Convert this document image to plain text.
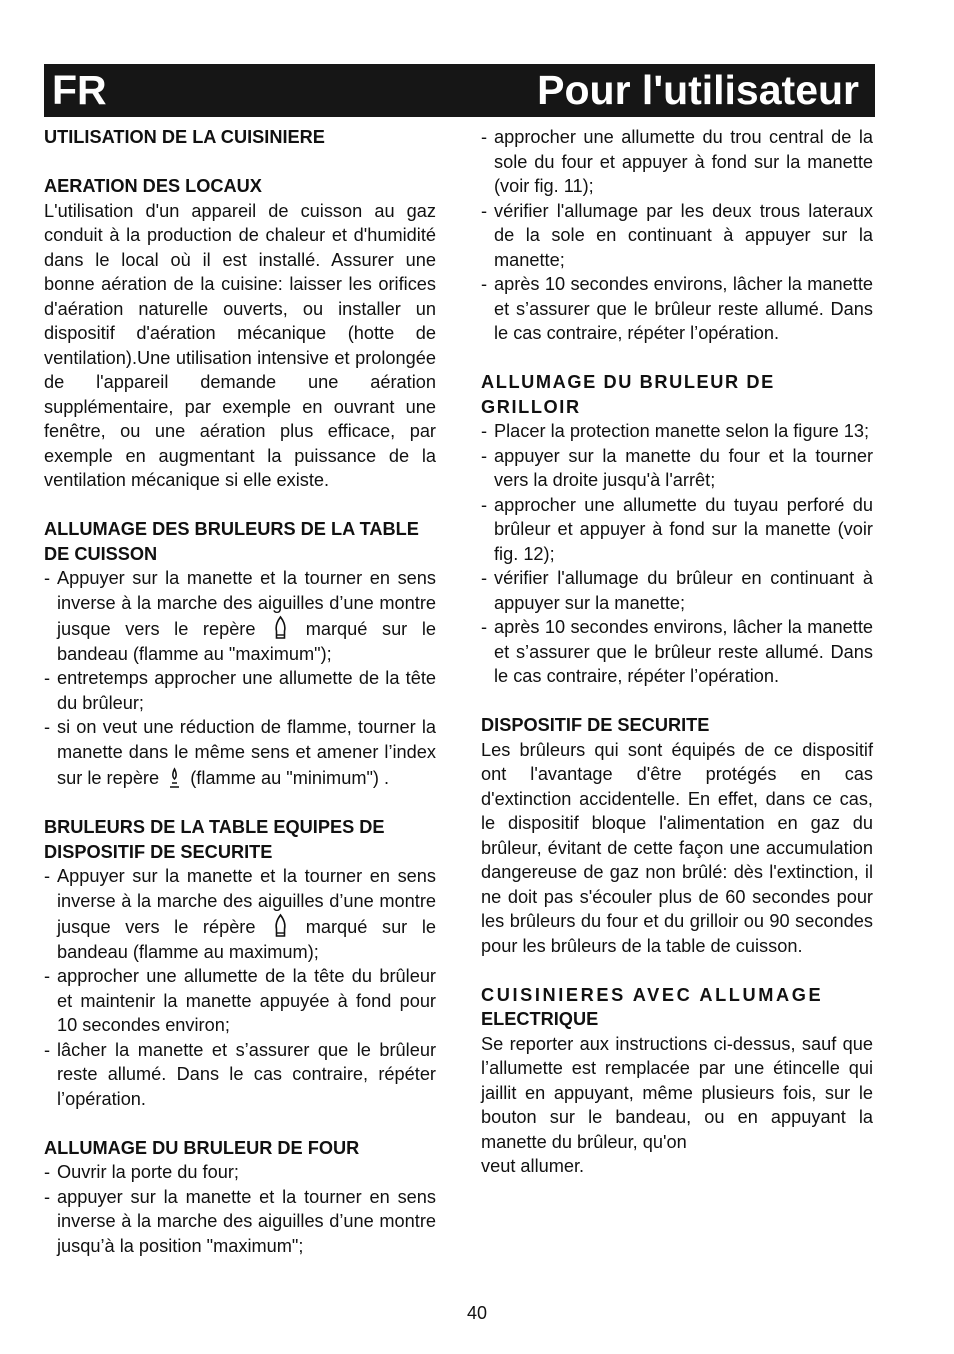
FR	Pour l'utilisateur
UTILISATION DE LA CUISINIERE
AERATION DES LOCAUX

L'utilisation d'un appareil de cuisson au gaz conduit à la production de chaleur et d'humidité dans le local où il est installé. Assurer une bonne aération de la cuisine: laisser les orifices d'aération naturelle ouverts, ou installer un dispositif d'aération mécanique (hotte de ventilation).Une utilisation intensive et prolongée de l'appareil demande une aération supplémentaire, par exemple en ouvrant une fenêtre, ou une aération plus efficace, par exemple en augmentant la puissance de la ventilation mécanique si elle existe.

ALLUMAGE DES BRULEURS DE LA TABLE DE CUISSON
- Appuyer sur la manette et la tourner en sens inverse à la marche des aiguilles d’une montre jusque vers le repère	marqué sur le bandeau (flamme au "maximum");
- entretemps approcher une allumette de la tête du brûleur;
- si on veut une réduction de flamme, tourner la manette dans le même sens et amener l’index sur le repère (flamme au "minimum") .
BRULEURS DE LA TABLE EQUIPES DE DISPOSITIF DE SECURITE
- Appuyer sur la manette et la tourner en sens inverse à la marche des aiguilles d’une montre jusque vers le répère	marqué sur le bandeau (flamme au maximum);
- approcher une allumette de la tête du brûleur et maintenir la manette appuyée à fond pour 10 secondes environ;
- lâcher la manette et s’assurer que le brûleur reste allumé. Dans le cas contraire, répéter l’opération.
ALLUMAGE DU BRULEUR DE FOUR
- Ouvrir la porte du four;
- appuyer sur la manette et la tourner en sens inverse à la marche des aiguilles d’une montre jusqu’à la position "maximum";
- approcher une allumette du trou central de la sole du four et appuyer à fond sur la manette (voir fig. 11);
- vérifier l'allumage par les deux trous lateraux de la sole en continuant à appuyer sur la manette;
- après 10 secondes environs, lâcher la manette et s’assurer que le brûleur reste allumé. Dans le cas contraire, répéter l’opération.
ALLUMAGE DU BRULEUR DE GRILLOIR
- Placer la protection manette selon la figure 13;
- appuyer sur la manette du four et la tourner vers la droite jusqu'à l'arrêt;
- approcher une allumette du tuyau perforé du brûleur et appuyer à fond sur la manette (voir fig. 12);
- vérifier l'allumage du brûleur en continuant à appuyer sur la manette;
- après 10 secondes environs, lâcher la manette et s’assurer que le brûleur reste allumé. Dans le cas contraire, répéter l’opération.
DISPOSITIF DE SECURITE

Les brûleurs qui sont équipés de ce dispositif ont l'avantage d'être protégés en cas d'extinction accidentelle. En effet, dans ce cas, le dispositif bloque l'alimentation en gaz du brûleur, évitant de cette façon une accumulation dangereuse de gaz non brûlé: dès l'extinction, il ne doit pas s'écouler plus de 60 secondes pour les brûleurs du four et du grilloir ou 90 secondes pour les brûleurs de la table de cuisson.

CUISINIERES AVEC ALLUMAGE
ELECTRIQUE

Se reporter aux instructions ci-dessus, sauf que l’allumette est remplacée par une étincelle qui jaillit en appuyant, même plusieurs fois, sur le bouton sur le bandeau, ou en appuyant la manette du brûleur, qu'on

veut allumer.

40
